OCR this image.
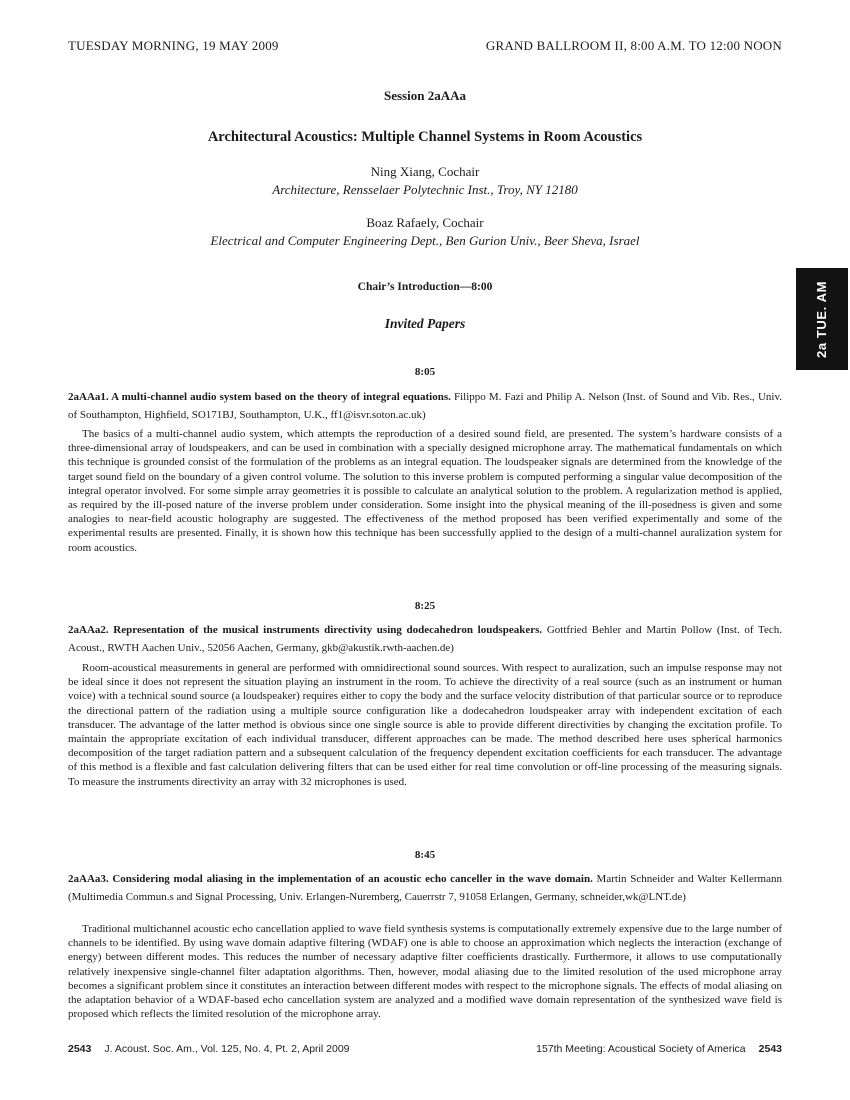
TUESDAY MORNING, 19 MAY 2009	GRAND BALLROOM II, 8:00 A.M. TO 12:00 NOON
Session 2aAAa
Architectural Acoustics: Multiple Channel Systems in Room Acoustics
Ning Xiang, Cochair
Architecture, Rensselaer Polytechnic Inst., Troy, NY 12180
Boaz Rafaely, Cochair
Electrical and Computer Engineering Dept., Ben Gurion Univ., Beer Sheva, Israel
Chair’s Introduction—8:00
Invited Papers
8:05
2aAAa1. A multi-channel audio system based on the theory of integral equations. Filippo M. Fazi and Philip A. Nelson (Inst. of Sound and Vib. Res., Univ. of Southampton, Highfield, SO171BJ, Southampton, U.K., ff1@isvr.soton.ac.uk)
The basics of a multi-channel audio system, which attempts the reproduction of a desired sound field, are presented. The system’s hardware consists of a three-dimensional array of loudspeakers, and can be used in combination with a specially designed microphone array. The mathematical fundamentals on which this technique is grounded consist of the formulation of the problems as an integral equation. The loudspeaker signals are determined from the knowledge of the target sound field on the boundary of a given control volume. The solution to this inverse problem is computed performing a singular value decomposition of the integral operator involved. For some simple array geometries it is possible to calculate an analytical solution to the problem. A regularization method is applied, as required by the ill-posed nature of the inverse problem under consideration. Some insight into the physical meaning of the ill-posedness is given and some analogies to near-field acoustic holography are suggested. The effectiveness of the method proposed has been verified experimentally and some of the experimental results are presented. Finally, it is shown how this technique has been successfully applied to the design of a multi-channel auralization system for room acoustics.
8:25
2aAAa2. Representation of the musical instruments directivity using dodecahedron loudspeakers. Gottfried Behler and Martin Pollow (Inst. of Tech. Acoust., RWTH Aachen Univ., 52056 Aachen, Germany, gkb@akustik.rwth-aachen.de)
Room-acoustical measurements in general are performed with omnidirectional sound sources. With respect to auralization, such an impulse response may not be ideal since it does not represent the situation playing an instrument in the room. To achieve the directivity of a real source (such as an instrument or human voice) with a technical sound source (a loudspeaker) requires either to copy the body and the surface velocity distribution of that particular source or to reproduce the directional pattern of the radiation using a multiple source configuration like a dodecahedron loudspeaker array with independent excitation of each transducer. The advantage of the latter method is obvious since one single source is able to provide different directivities by changing the excitation profile. To maintain the appropriate excitation of each individual transducer, different approaches can be made. The method described here uses spherical harmonics decomposition of the target radiation pattern and a subsequent calculation of the frequency dependent excitation coefficients for each transducer. The advantage of this method is a flexible and fast calculation delivering filters that can be used either for real time convolution or off-line processing of the measuring signals. To measure the instruments directivity an array with 32 microphones is used.
8:45
2aAAa3. Considering modal aliasing in the implementation of an acoustic echo canceller in the wave domain. Martin Schneider and Walter Kellermann (Multimedia Commun.s and Signal Processing, Univ. Erlangen-Nuremberg, Cauerrstr 7, 91058 Erlangen, Germany, schneider,wk@LNT.de)
Traditional multichannel acoustic echo cancellation applied to wave field synthesis systems is computationally extremely expensive due to the large number of channels to be identified. By using wave domain adaptive filtering (WDAF) one is able to choose an approximation which neglects the interaction (exchange of energy) between different modes. This reduces the number of necessary adaptive filter coefficients drastically. Furthermore, it allows to use computationally relatively inexpensive single-channel filter adaptation algorithms. Then, however, modal aliasing due to the limited resolution of the used microphone array becomes a significant problem since it constitutes an interaction between different modes with respect to the microphone signals. The effects of modal aliasing on the adaptation behavior of a WDAF-based echo cancellation system are analyzed and a modified wave domain representation of the synthesized wave field is proposed which reflects the limited resolution of the microphone array.
2a TUE. AM
2543 J. Acoust. Soc. Am., Vol. 125, No. 4, Pt. 2, April 2009	157th Meeting: Acoustical Society of America 2543
